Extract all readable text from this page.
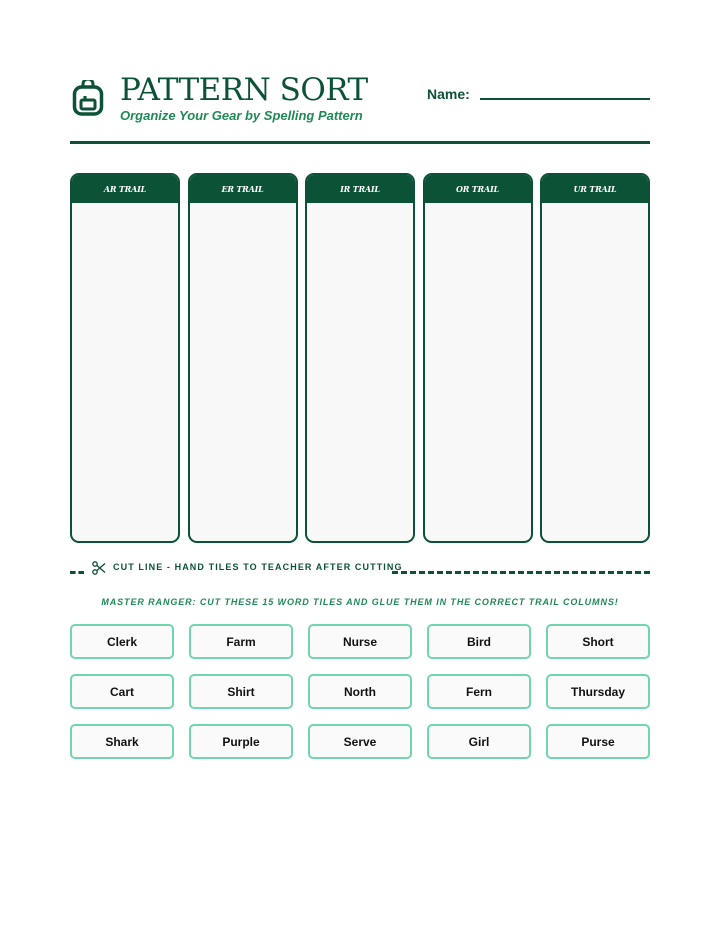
PATTERN SORT

Organize Your Gear by Spelling Pattern

Name:
AR TRAIL	ER TRAIL	IR TRAIL	OR TRAIL	UR TRAIL
CUT LINE - HAND TILES TO TEACHER AFTER CUTTING
MASTER RANGER: CUT THESE 15 WORD TILES AND GLUE THEM IN THE CORRECT TRAIL COLUMNS!
Clerk	Farm	Nurse	Bird	Short
Cart	Shirt	North	Fern	Thursday
Shark	Purple	Serve	Girl	Purse
